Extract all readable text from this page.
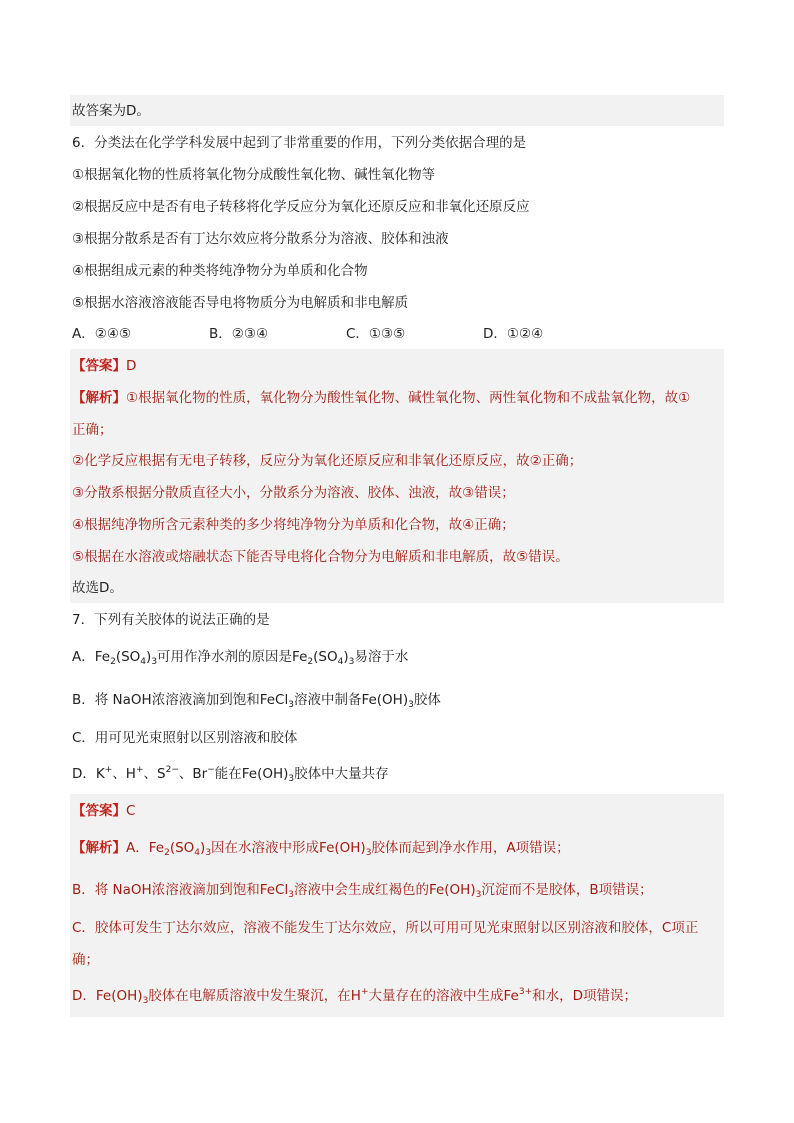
故答案为D。
6．分类法在化学学科发展中起到了非常重要的作用，下列分类依据合理的是
①根据氧化物的性质将氧化物分成酸性氧化物、碱性氧化物等
②根据反应中是否有电子转移将化学反应分为氧化还原反应和非氧化还原反应
③根据分散系是否有丁达尔效应将分散系分为溶液、胶体和浊液
④根据组成元素的种类将纯净物分为单质和化合物
⑤根据水溶液溶液能否导电将物质分为电解质和非电解质
A．②④⑤	B．②③④	C．①③⑤	D．①②④
【答案】D
【解析】①根据氧化物的性质，氧化物分为酸性氧化物、碱性氧化物、两性氧化物和不成盐氧化物，故①
正确；
②化学反应根据有无电子转移，反应分为氧化还原反应和非氧化还原反应，故②正确；
③分散系根据分散质直径大小，分散系分为溶液、胶体、浊液，故③错误；
④根据纯净物所含元素种类的多少将纯净物分为单质和化合物，故④正确；
⑤根据在水溶液或熔融状态下能否导电将化合物分为电解质和非电解质，故⑤错误。
故选D。
7．下列有关胶体的说法正确的是
A．$Fe_2(SO_4)_3$可用作净水剂的原因是$Fe_2(SO_4)_3$易溶于水
B．将 NaOH浓溶液滴加到饱和FeCl$_3$溶液中制备$Fe(OH)_3$胶体
C．用可见光束照射以区别溶液和胶体
D．K+、H+、$S^{2-}$、Br−能在$Fe(OH)_3$胶体中大量共存
【答案】C
【解析】A．$Fe_2(SO_4)_3$因在水溶液中形成$Fe(OH)_3$胶体而起到净水作用，A项错误；
B．将 NaOH浓溶液滴加到饱和FeCl$_3$溶液中会生成红褐色的$Fe(OH)_3$沉淀而不是胶体，B项错误；
C．胶体可发生丁达尔效应，溶液不能发生丁达尔效应，所以可用可见光束照射以区别溶液和胶体，C项正
确；
D．$Fe(OH)_3$胶体在电解质溶液中发生聚沉，在H+大量存在的溶液中生成$Fe^{3+}$和水，D项错误；
